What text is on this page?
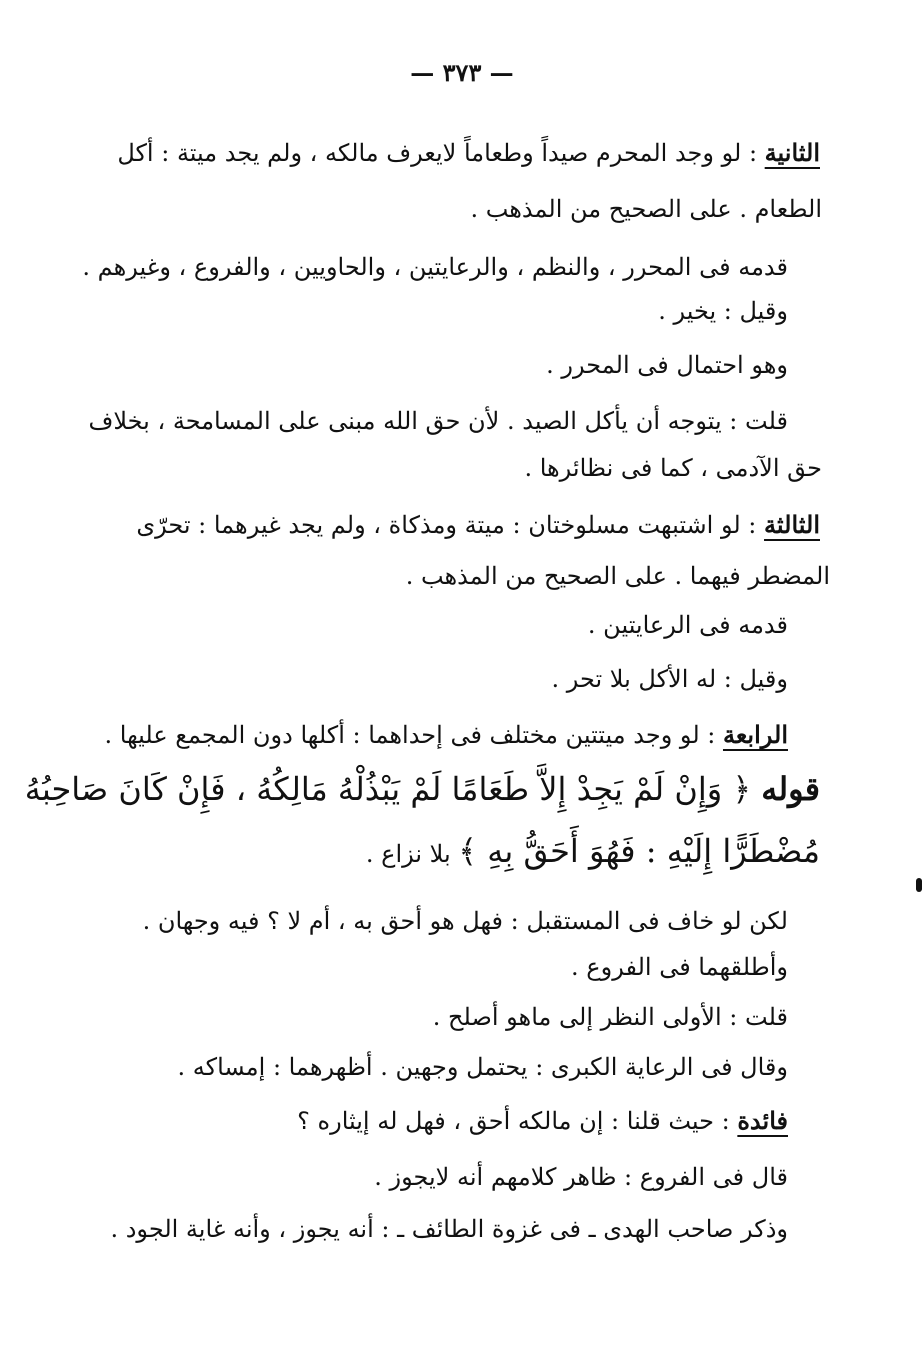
— ٣٧٣ —
الثانية : لو وجد المحرم صيداً وطعاماً لايعرف مالكه ، ولم يجد ميتة : أكل
الطعام . على الصحيح من المذهب .
قدمه فى المحرر ، والنظم ، والرعايتين ، والحاويين ، والفروع ، وغيرهم .
وقيل : يخير .
وهو احتمال فى المحرر .
قلت : يتوجه أن يأكل الصيد . لأن حق الله مبنى على المسامحة ، بخلاف
حق الآدمى ، كما فى نظائرها .
الثالثة : لو اشتبهت مسلوختان : ميتة ومذكاة ، ولم يجد غيرهما : تحرّى
المضطر فيهما . على الصحيح من المذهب .
قدمه فى الرعايتين .
وقيل : له الأكل بلا تحر .
الرابعة : لو وجد ميتتين مختلف فى إحداهما : أكلها دون المجمع عليها .
قوله ﴿ وَإِنْ لَمْ يَجِدْ إِلاَّ طَعَامًا لَمْ يَبْذُلْهُ مَالِكُهُ ، فَإِنْ كَانَ صَاحِبُهُ
مُضْطَرًّا إِلَيْهِ : فَهُوَ أَحَقُّ بِهِ ﴾ بلا نزاع .
لكن لو خاف فى المستقبل : فهل هو أحق به ، أم لا ؟ فيه وجهان .
وأطلقهما فى الفروع .
قلت : الأولى النظر إلى ماهو أصلح .
وقال فى الرعاية الكبرى : يحتمل وجهين . أظهرهما : إمساكه .
فائدة : حيث قلنا : إن مالكه أحق ، فهل له إيثاره ؟
قال فى الفروع : ظاهر كلامهم أنه لايجوز .
وذكر صاحب الهدى ـ فى غزوة الطائف ـ : أنه يجوز ، وأنه غاية الجود .
